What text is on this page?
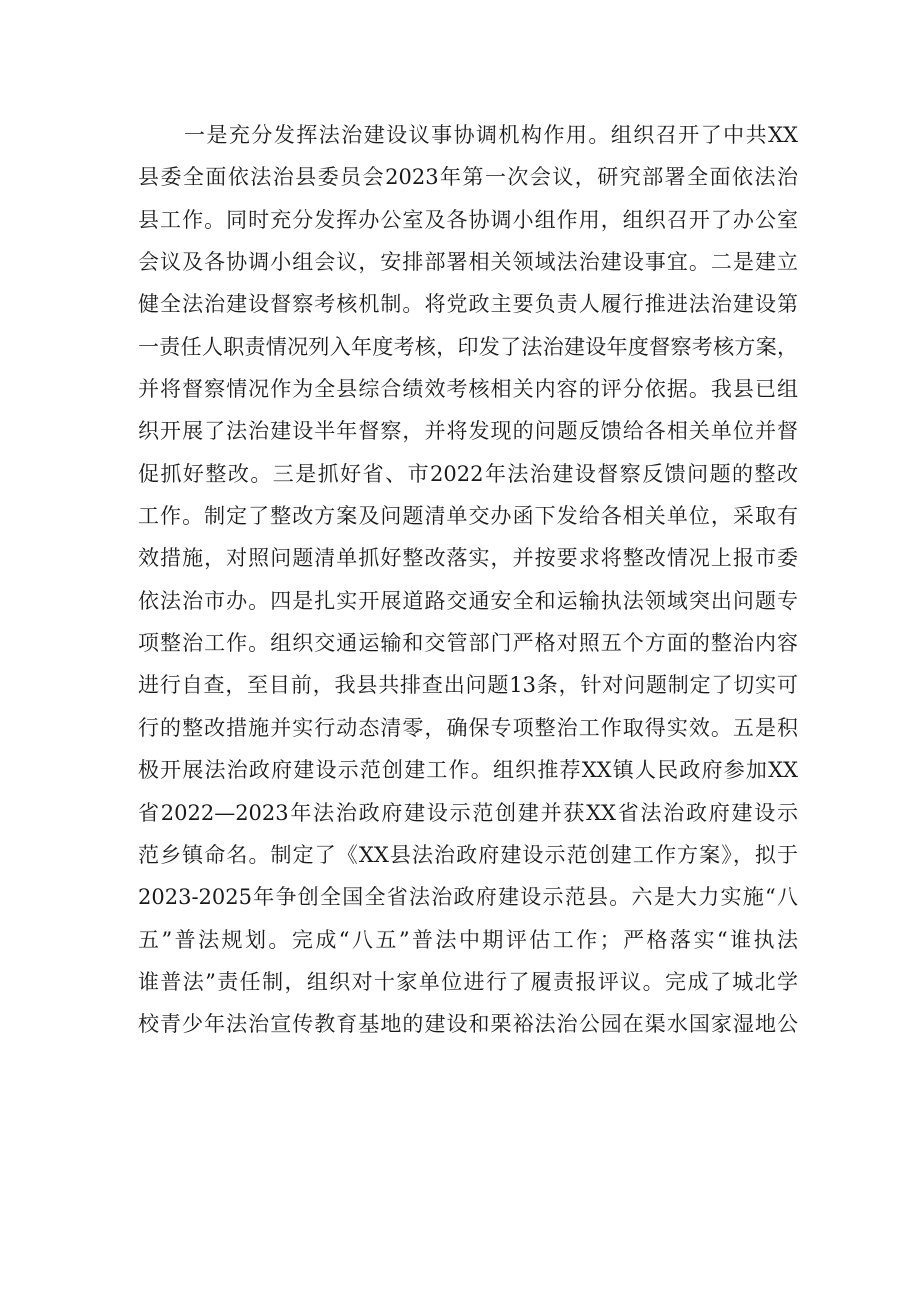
一是充分发挥法治建设议事协调机构作用。组织召开了中共XX
县委全面依法治县委员会2023年第一次会议，研究部署全面依法治
县工作。同时充分发挥办公室及各协调小组作用，组织召开了办公室
会议及各协调小组会议，安排部署相关领域法治建设事宜。二是建立
健全法治建设督察考核机制。将党政主要负责人履行推进法治建设第
一责任人职责情况列入年度考核，印发了法治建设年度督察考核方案，
并将督察情况作为全县综合绩效考核相关内容的评分依据。我县已组
织开展了法治建设半年督察，并将发现的问题反馈给各相关单位并督
促抓好整改。三是抓好省、市2022年法治建设督察反馈问题的整改
工作。制定了整改方案及问题清单交办函下发给各相关单位，采取有
效措施，对照问题清单抓好整改落实，并按要求将整改情况上报市委
依法治市办。四是扎实开展道路交通安全和运输执法领域突出问题专
项整治工作。组织交通运输和交管部门严格对照五个方面的整治内容
进行自查，至目前，我县共排查出问题13条，针对问题制定了切实可
行的整改措施并实行动态清零，确保专项整治工作取得实效。五是积
极开展法治政府建设示范创建工作。组织推荐XX镇人民政府参加XX
省2022—2023年法治政府建设示范创建并获XX省法治政府建设示
范乡镇命名。制定了《XX县法治政府建设示范创建工作方案》，拟于
2023-2025年争创全国全省法治政府建设示范县。六是大力实施“八
五”普法规划。完成“八五”普法中期评估工作；严格落实“谁执法
谁普法”责任制，组织对十家单位进行了履责报评议。完成了城北学
校青少年法治宣传教育基地的建设和栗裕法治公园在渠水国家湿地公
